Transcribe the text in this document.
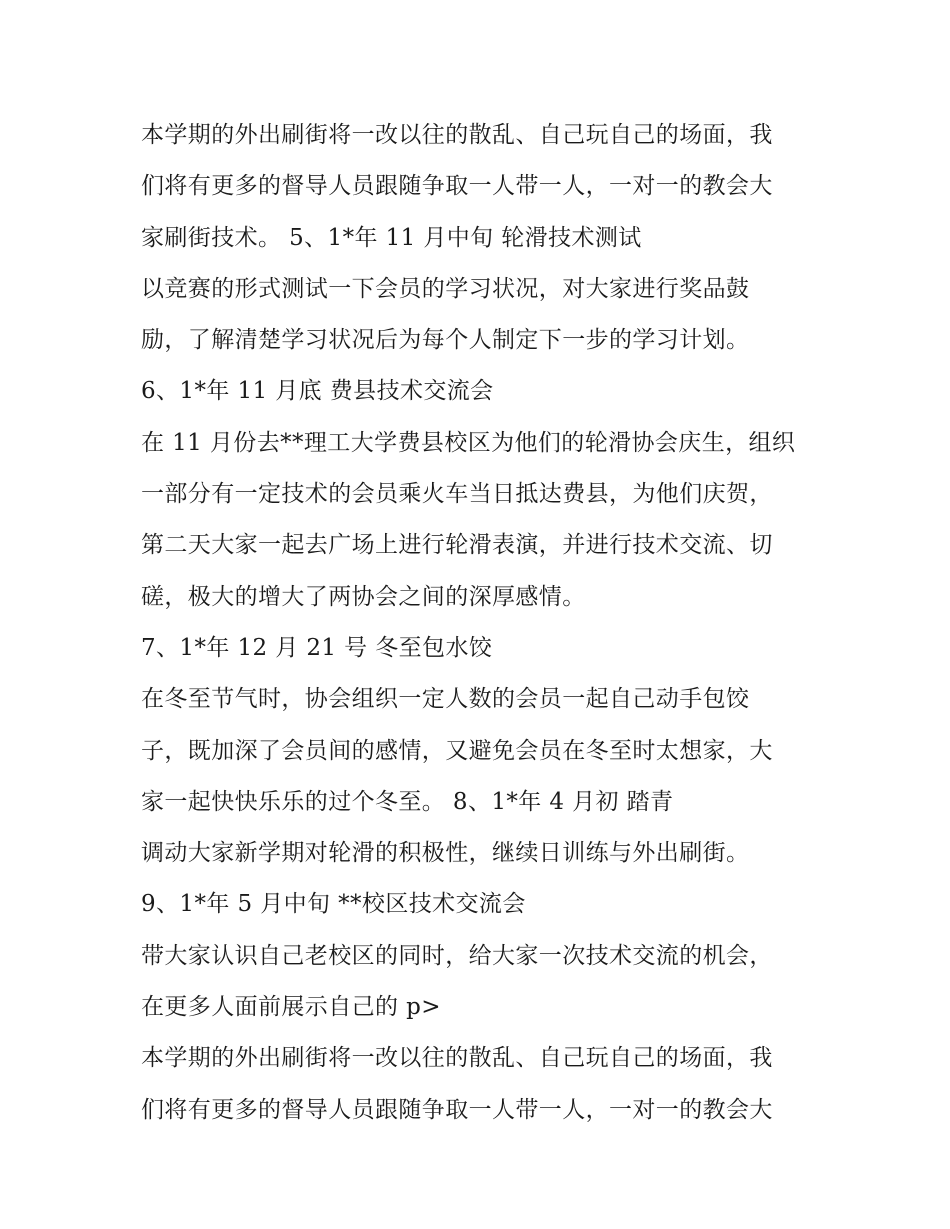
本学期的外出刷街将一改以往的散乱、自己玩自己的场面，我
们将有更多的督导人员跟随争取一人带一人，一对一的教会大
家刷街技术。 5、1*年 11 月中旬 轮滑技术测试
以竞赛的形式测试一下会员的学习状况，对大家进行奖品鼓
励，了解清楚学习状况后为每个人制定下一步的学习计划。
6、1*年 11 月底 费县技术交流会
在 11 月份去**理工大学费县校区为他们的轮滑协会庆生，组织
一部分有一定技术的会员乘火车当日抵达费县，为他们庆贺，
第二天大家一起去广场上进行轮滑表演，并进行技术交流、切
磋，极大的增大了两协会之间的深厚感情。
7、1*年 12 月 21 号 冬至包水饺
在冬至节气时，协会组织一定人数的会员一起自己动手包饺
子，既加深了会员间的感情，又避免会员在冬至时太想家，大
家一起快快乐乐的过个冬至。 8、1*年 4 月初 踏青
调动大家新学期对轮滑的积极性，继续日训练与外出刷街。
9、1*年 5 月中旬 **校区技术交流会
带大家认识自己老校区的同时，给大家一次技术交流的机会，
在更多人面前展示自己的 p>
本学期的外出刷街将一改以往的散乱、自己玩自己的场面，我
们将有更多的督导人员跟随争取一人带一人，一对一的教会大
